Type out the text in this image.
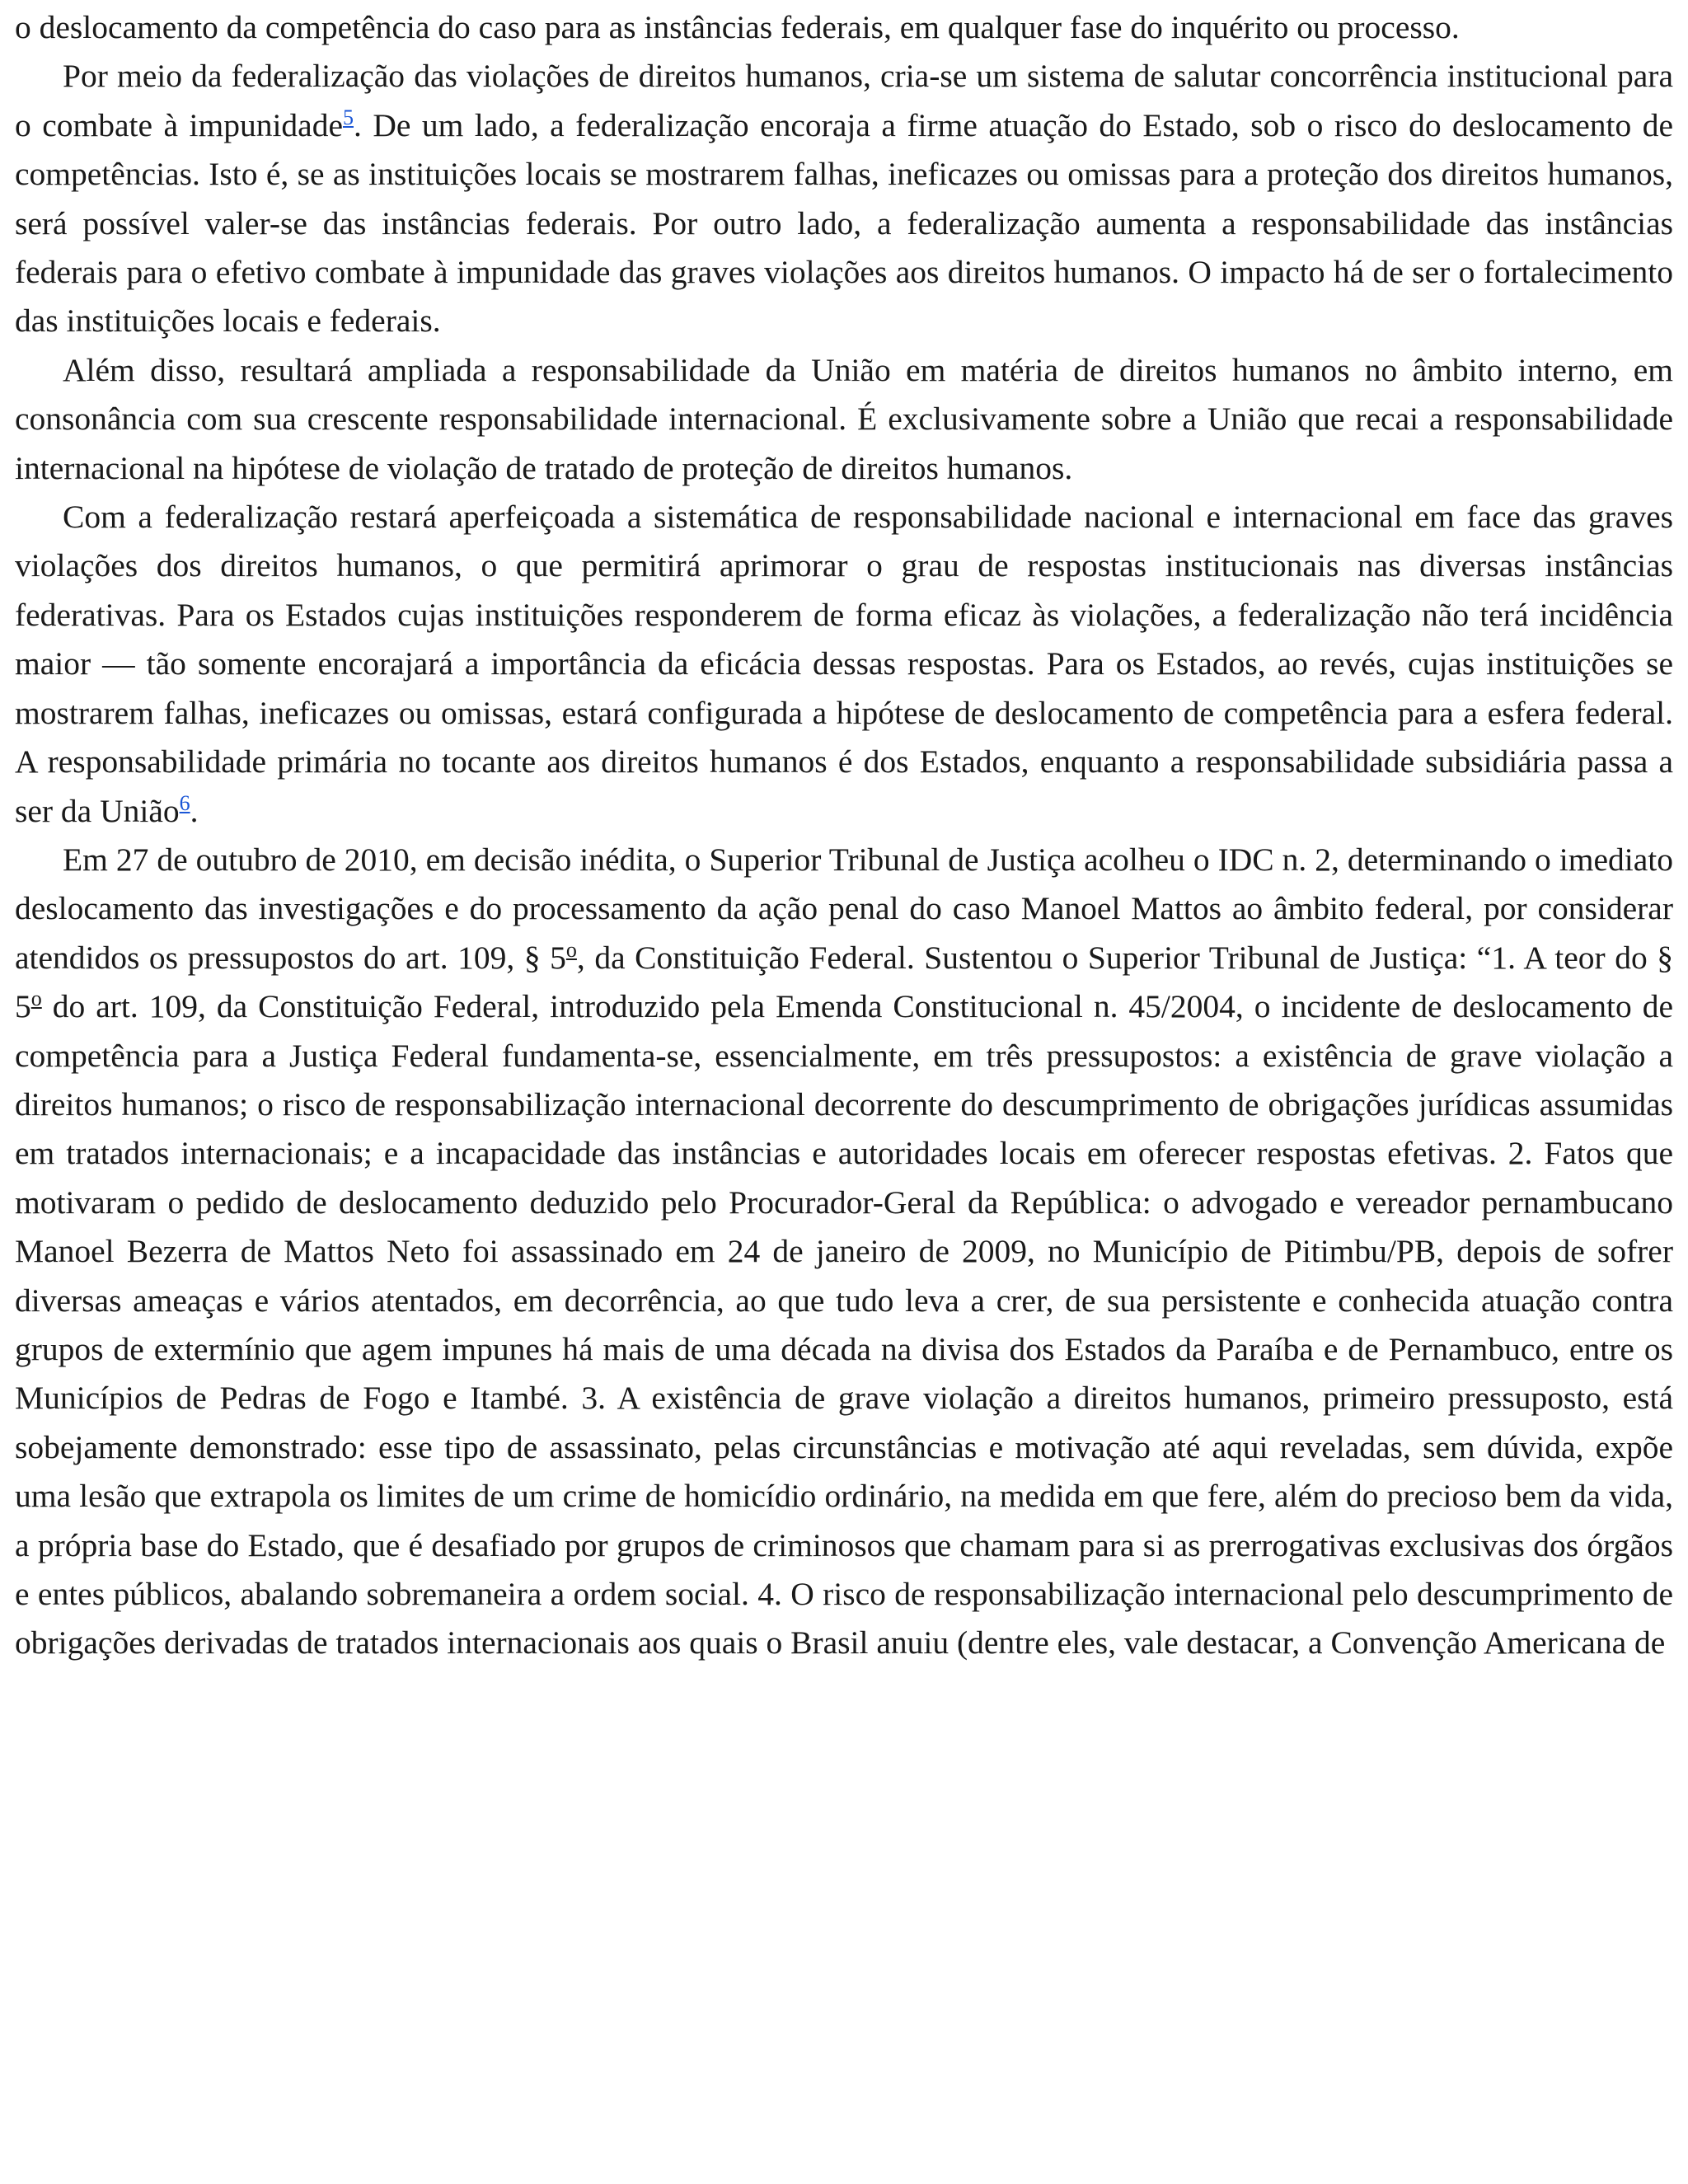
o deslocamento da competência do caso para as instâncias federais, em qualquer fase do inquérito ou processo.

Por meio da federalização das violações de direitos humanos, cria-se um sistema de salutar concorrência institucional para o combate à impunidade$^5$. De um lado, a federalização encoraja a firme atuação do Estado, sob o risco do deslocamento de competências. Isto é, se as instituições locais se mostrarem falhas, ineficazes ou omissas para a proteção dos direitos humanos, será possível valer-se das instâncias federais. Por outro lado, a federalização aumenta a responsabilidade das instâncias federais para o efetivo combate à impunidade das graves violações aos direitos humanos. O impacto há de ser o fortalecimento das instituições locais e federais.

Além disso, resultará ampliada a responsabilidade da União em matéria de direitos humanos no âmbito interno, em consonância com sua crescente responsabilidade internacional. É exclusivamente sobre a União que recai a responsabilidade internacional na hipótese de violação de tratado de proteção de direitos humanos.

Com a federalização restará aperfeiçoada a sistemática de responsabilidade nacional e internacional em face das graves violações dos direitos humanos, o que permitirá aprimorar o grau de respostas institucionais nas diversas instâncias federativas. Para os Estados cujas instituições responderem de forma eficaz às violações, a federalização não terá incidência maior — tão somente encorajará a importância da eficácia dessas respostas. Para os Estados, ao revés, cujas instituições se mostrarem falhas, ineficazes ou omissas, estará configurada a hipótese de deslocamento de competência para a esfera federal. A responsabilidade primária no tocante aos direitos humanos é dos Estados, enquanto a responsabilidade subsidiária passa a ser da União$^6$.

Em 27 de outubro de 2010, em decisão inédita, o Superior Tribunal de Justiça acolheu o IDC n. 2, determinando o imediato deslocamento das investigações e do processamento da ação penal do caso Manoel Mattos ao âmbito federal, por considerar atendidos os pressupostos do art. 109, § 5$^o$, da Constituição Federal. Sustentou o Superior Tribunal de Justiça: “1. A teor do § 5$^o$ do art. 109, da Constituição Federal, introduzido pela Emenda Constitucional n. 45/2004, o incidente de deslocamento de competência para a Justiça Federal fundamenta-se, essencialmente, em três pressupostos: a existência de grave violação a direitos humanos; o risco de responsabilização internacional decorrente do descumprimento de obrigações jurídicas assumidas em tratados internacionais; e a incapacidade das instâncias e autoridades locais em oferecer respostas efetivas. 2. Fatos que motivaram o pedido de deslocamento deduzido pelo Procurador-Geral da República: o advogado e vereador pernambucano Manoel Bezerra de Mattos Neto foi assassinado em 24 de janeiro de 2009, no Município de Pitimbu/PB, depois de sofrer diversas ameaças e vários atentados, em decorrência, ao que tudo leva a crer, de sua persistente e conhecida atuação contra grupos de extermínio que agem impunes há mais de uma década na divisa dos Estados da Paraíba e de Pernambuco, entre os Municípios de Pedras de Fogo e Itambé. 3. A existência de grave violação a direitos humanos, primeiro pressuposto, está sobejamente demonstrado: esse tipo de assassinato, pelas circunstâncias e motivação até aqui reveladas, sem dúvida, expõe uma lesão que extrapola os limites de um crime de homicídio ordinário, na medida em que fere, além do precioso bem da vida, a própria base do Estado, que é desafiado por grupos de criminosos que chamam para si as prerrogativas exclusivas dos órgãos e entes públicos, abalando sobremaneira a ordem social. 4. O risco de responsabilização internacional pelo descumprimento de obrigações derivadas de tratados internacionais aos quais o Brasil anuiu (dentre eles, vale destacar, a Convenção Americana de
